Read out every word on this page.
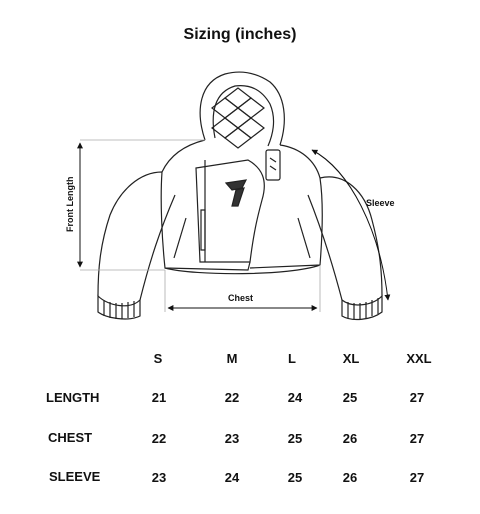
Sizing (inches)
Front Length
Chest
Sleeve
S	M	L	XL	XXL
LENGTH	21	22	24	25	27
CHEST	22	23	25	26	27
SLEEVE	23	24	25	26	27
